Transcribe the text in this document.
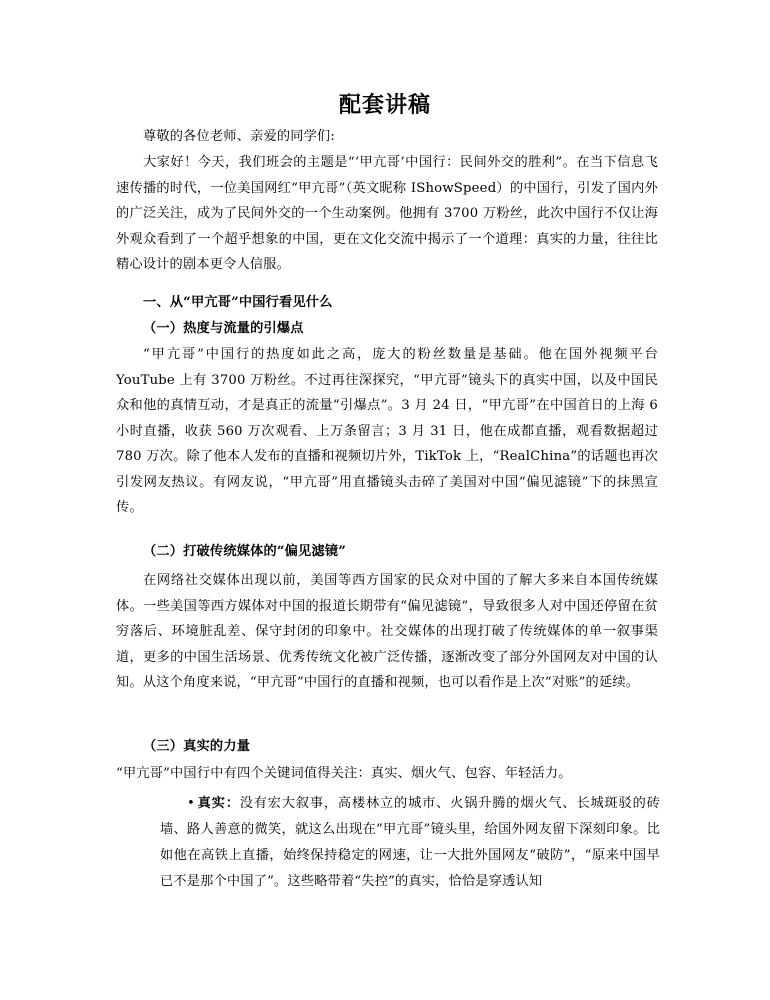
配套讲稿

尊敬的各位老师、亲爱的同学们:

大家好！今天，我们班会的主题是“‘甲亢哥’中国行：民间外交的胜利”。在当下信息飞速传播的时代，一位美国网红“甲亢哥”（英文昵称 IShowSpeed）的中国行，引发了国内外的广泛关注，成为了民间外交的一个生动案例。他拥有 3700 万粉丝，此次中国行不仅让海外观众看到了一个超乎想象的中国，更在文化交流中揭示了一个道理：真实的力量，往往比精心设计的剧本更令人信服。

一、从“甲亢哥”中国行看见什么

（一）热度与流量的引爆点

“甲亢哥”中国行的热度如此之高，庞大的粉丝数量是基础。他在国外视频平台 YouTube 上有 3700 万粉丝。不过再往深探究，“甲亢哥”镜头下的真实中国，以及中国民众和他的真情互动，才是真正的流量“引爆点”。3 月 24 日，“甲亢哥”在中国首日的上海 6 小时直播，收获 560 万次观看、上万条留言；3 月 31 日，他在成都直播，观看数据超过 780 万次。除了他本人发布的直播和视频切片外，TikTok 上，“RealChina”的话题也再次引发网友热议。有网友说，“甲亢哥”用直播镜头击碎了美国对中国“偏见滤镜”下的抹黑宣传。

（二）打破传统媒体的“偏见滤镜”

在网络社交媒体出现以前，美国等西方国家的民众对中国的了解大多来自本国传统媒体。一些美国等西方媒体对中国的报道长期带有“偏见滤镜”，导致很多人对中国还停留在贫穷落后、环境脏乱差、保守封闭的印象中。社交媒体的出现打破了传统媒体的单一叙事渠道，更多的中国生活场景、优秀传统文化被广泛传播，逐渐改变了部分外国网友对中国的认知。从这个角度来说，“甲亢哥”中国行的直播和视频，也可以看作是上次“对账”的延续。

（三）真实的力量

“甲亢哥”中国行中有四个关键词值得关注：真实、烟火气、包容、年轻活力。

• 真实：没有宏大叙事，高楼林立的城市、火锅升腾的烟火气、长城斑驳的砖墙、路人善意的微笑，就这么出现在“甲亢哥”镜头里，给国外网友留下深刻印象。比如他在高铁上直播，始终保持稳定的网速，让一大批外国网友“破防”，“原来中国早已不是那个中国了”。这些略带着“失控”的真实，恰恰是穿透认知
